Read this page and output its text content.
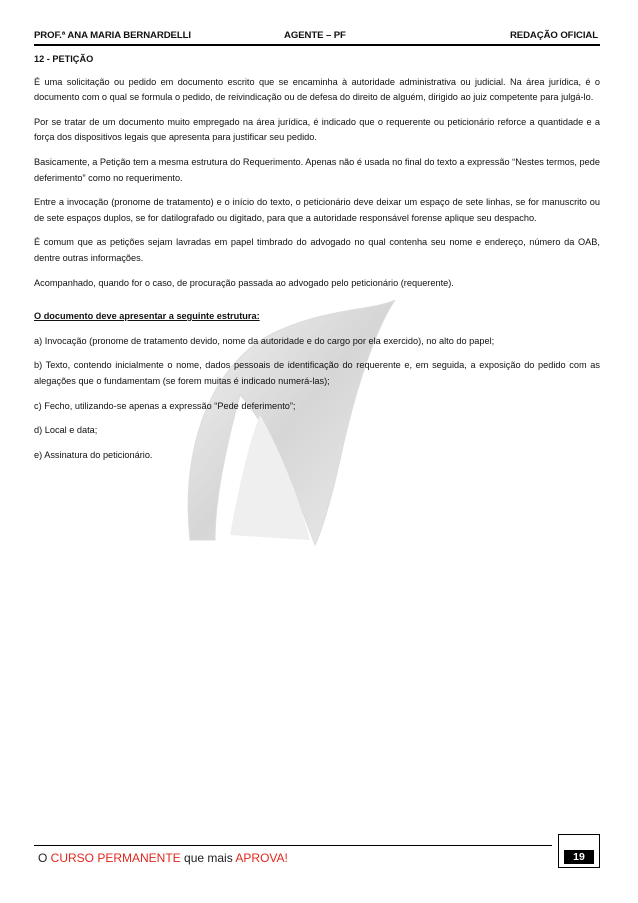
PROF.ª ANA MARIA BERNARDELLI	AGENTE – PF	REDAÇÃO OFICIAL

12 - PETIÇÃO

É uma solicitação ou pedido em documento escrito que se encaminha à autoridade administrativa ou judicial. Na área jurídica, é o documento com o qual se formula o pedido, de reivindicação ou de defesa do direito de alguém, dirigido ao juiz competente para julgá-lo.

Por se tratar de um documento muito empregado na área jurídica, é indicado que o requerente ou peticionário reforce a quantidade e a força dos dispositivos legais que apresenta para justificar seu pedido.

Basicamente, a Petição tem a mesma estrutura do Requerimento. Apenas não é usada no final do texto a expressão “Nestes termos, pede deferimento” como no requerimento.

Entre a invocação (pronome de tratamento) e o início do texto, o peticionário deve deixar um espaço de sete linhas, se for manuscrito ou de sete espaços duplos, se for datilografado ou digitado, para que a autoridade responsável forense aplique seu despacho.

É comum que as petições sejam lavradas em papel timbrado do advogado no qual contenha seu nome e endereço, número da OAB, dentre outras informações.

Acompanhado, quando for o caso, de procuração passada ao advogado pelo peticionário (requerente).

O documento deve apresentar a seguinte estrutura:

a) Invocação (pronome de tratamento devido, nome da autoridade e do cargo por ela exercido), no alto do papel;

b) Texto, contendo inicialmente o nome, dados pessoais de identificação do requerente e, em seguida, a exposição do pedido com as alegações que o fundamentam (se forem muitas é indicado numerá-las);

c) Fecho, utilizando-se apenas a expressão “Pede deferimento”;

d) Local e data;

e) Assinatura do peticionário.

O CURSO PERMANENTE que mais APROVA!	19
